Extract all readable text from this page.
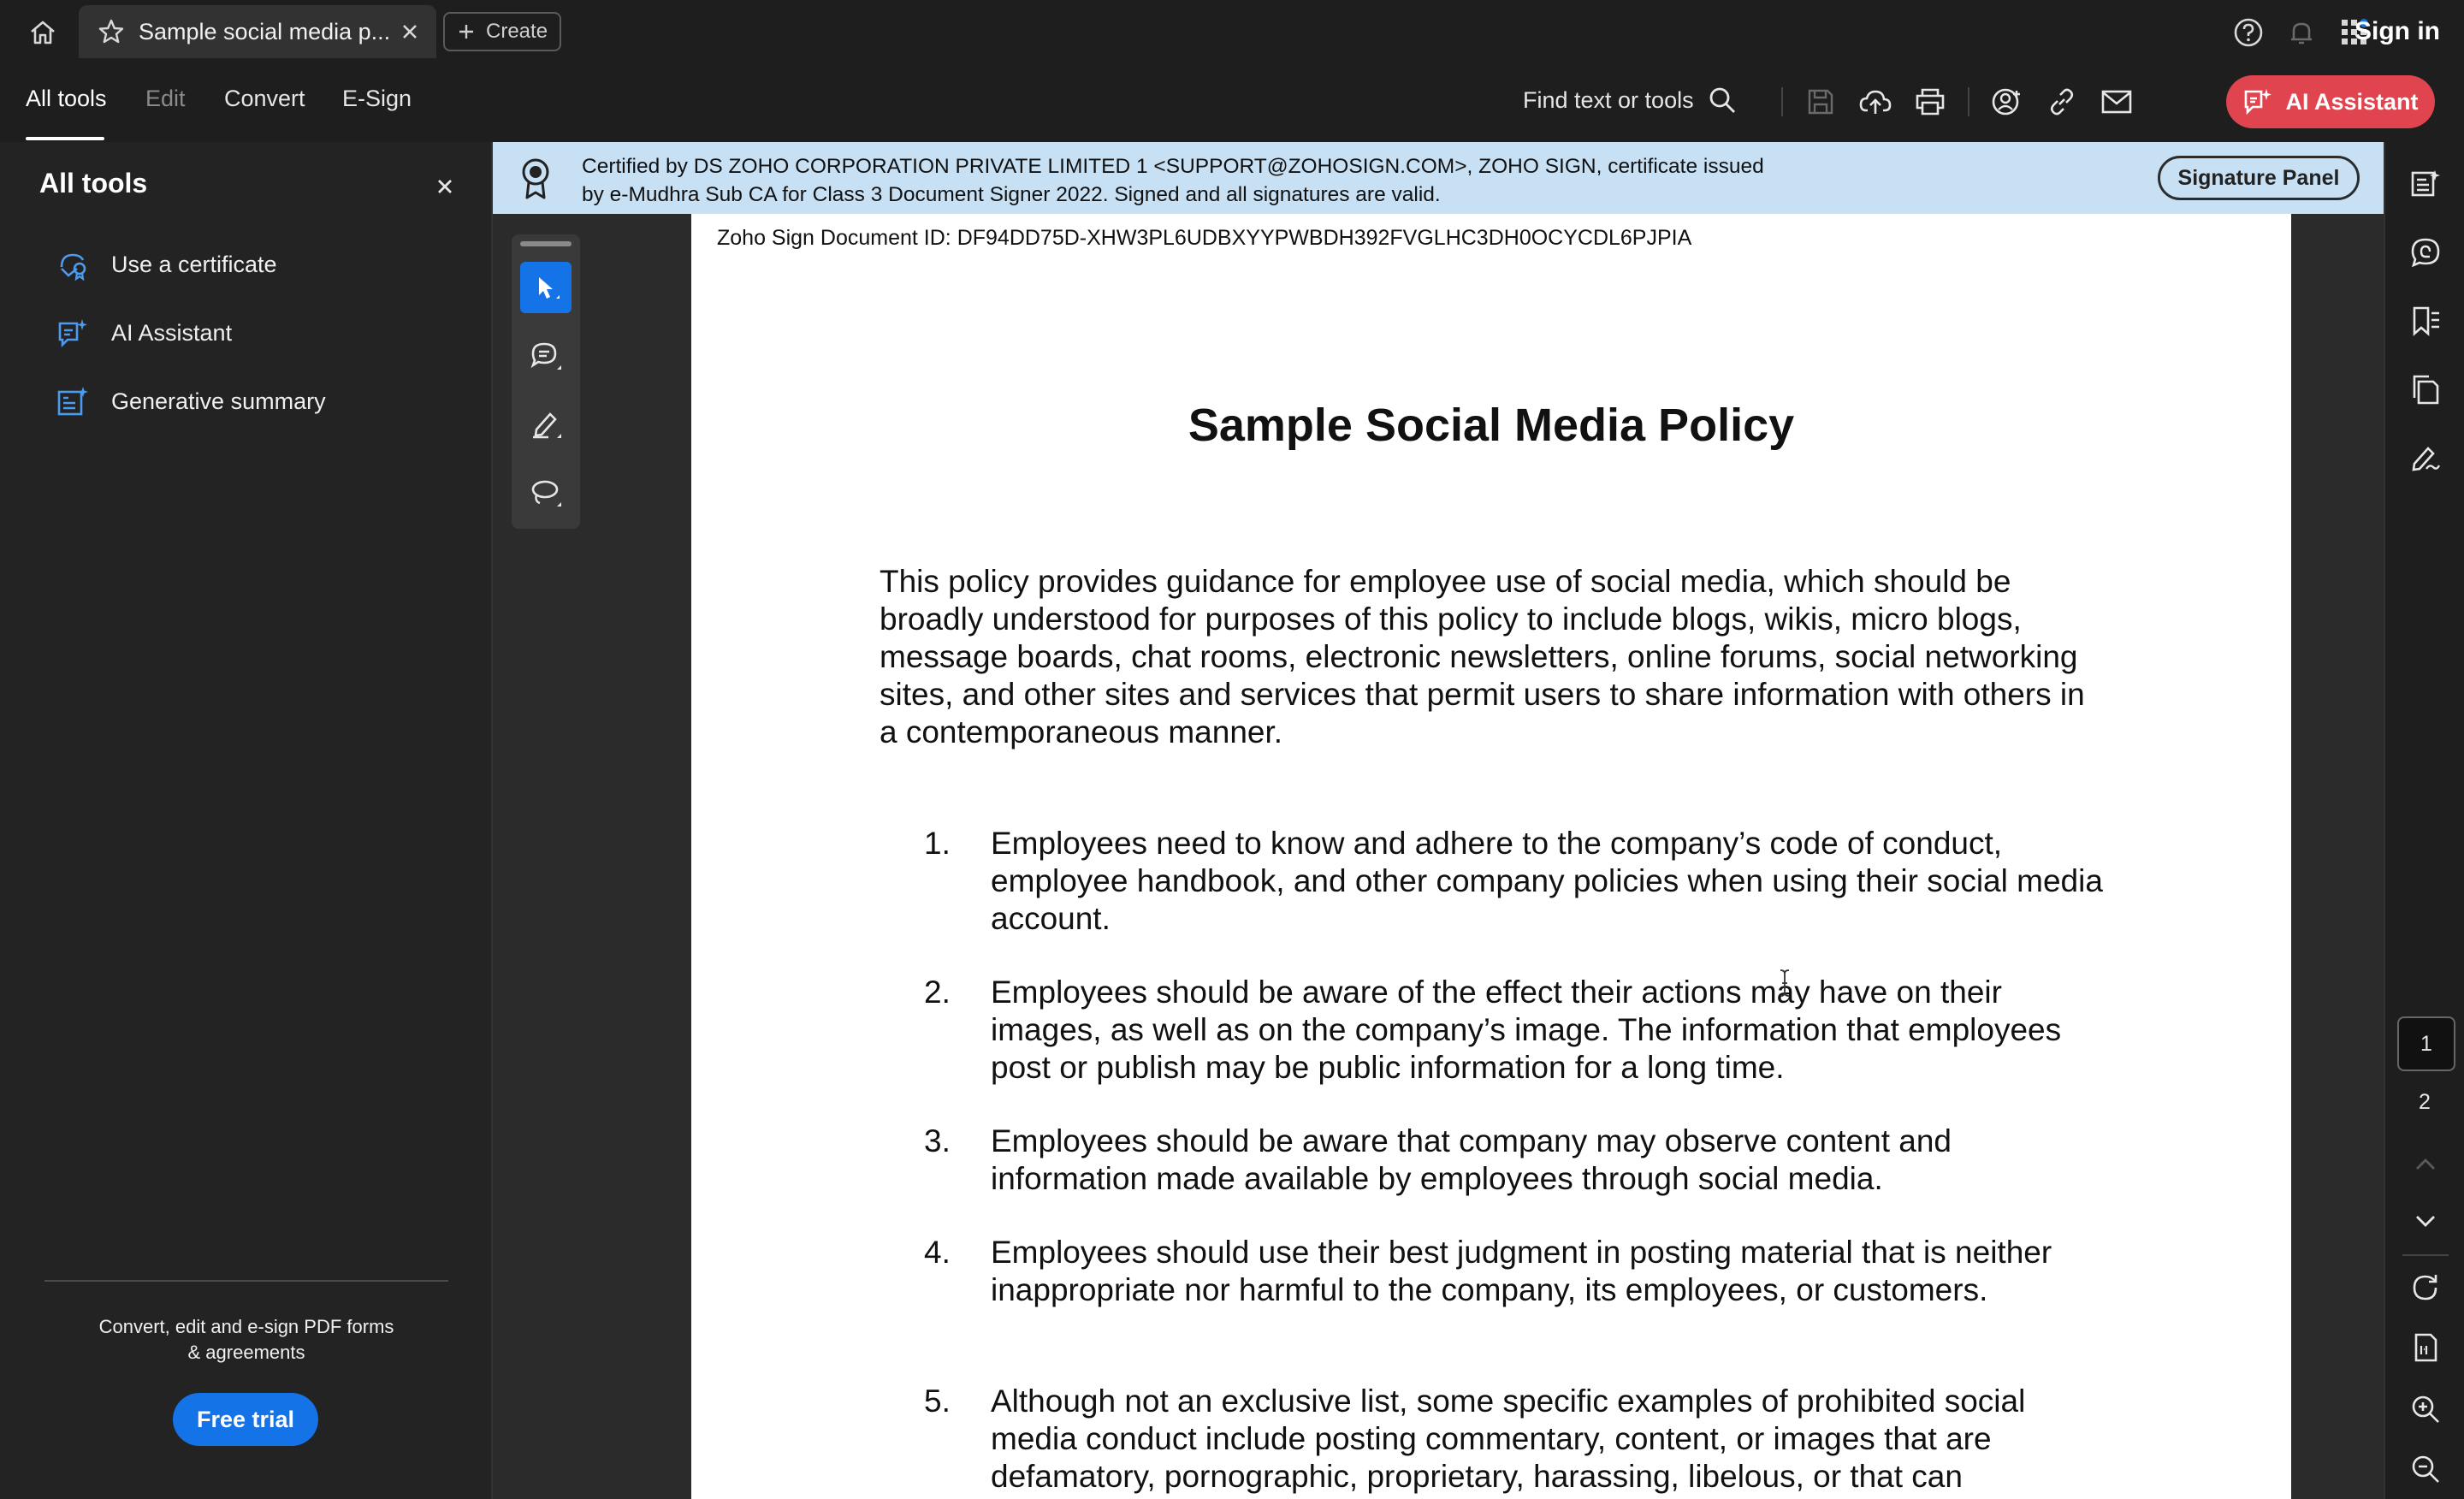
Sample social media p...	Create	Sign in
All tools Edit Convert E-Sign	Find text or tools	AI Assistant
All tools
Use a certificate
AI Assistant
Generative summary
Convert, edit and e-sign PDF forms
& agreements
Free trial
Certified by DS ZOHO CORPORATION PRIVATE LIMITED 1 <SUPPORT@ZOHOSIGN.COM>, ZOHO SIGN, certificate issued by e-Mudhra Sub CA for Class 3 Document Signer 2022. Signed and all signatures are valid.
Signature Panel
Zoho Sign Document ID: DF94DD75D-XHW3PL6UDBXYYPWBDH392FVGLHC3DH0OCYCDL6PJPIA
Sample Social Media Policy
This policy provides guidance for employee use of social media, which should be broadly understood for purposes of this policy to include blogs, wikis, micro blogs, message boards, chat rooms, electronic newsletters, online forums, social networking sites, and other sites and services that permit users to share information with others in a contemporaneous manner.
1. Employees need to know and adhere to the company’s code of conduct, employee handbook, and other company policies when using their social media account.
2. Employees should be aware of the effect their actions may have on their images, as well as on the company’s image. The information that employees post or publish may be public information for a long time.
3. Employees should be aware that company may observe content and information made available by employees through social media.
4. Employees should use their best judgment in posting material that is neither inappropriate nor harmful to the company, its employees, or customers.
5. Although not an exclusive list, some specific examples of prohibited social media conduct include posting commentary, content, or images that are defamatory, pornographic, proprietary, harassing, libelous, or that can
1
2
